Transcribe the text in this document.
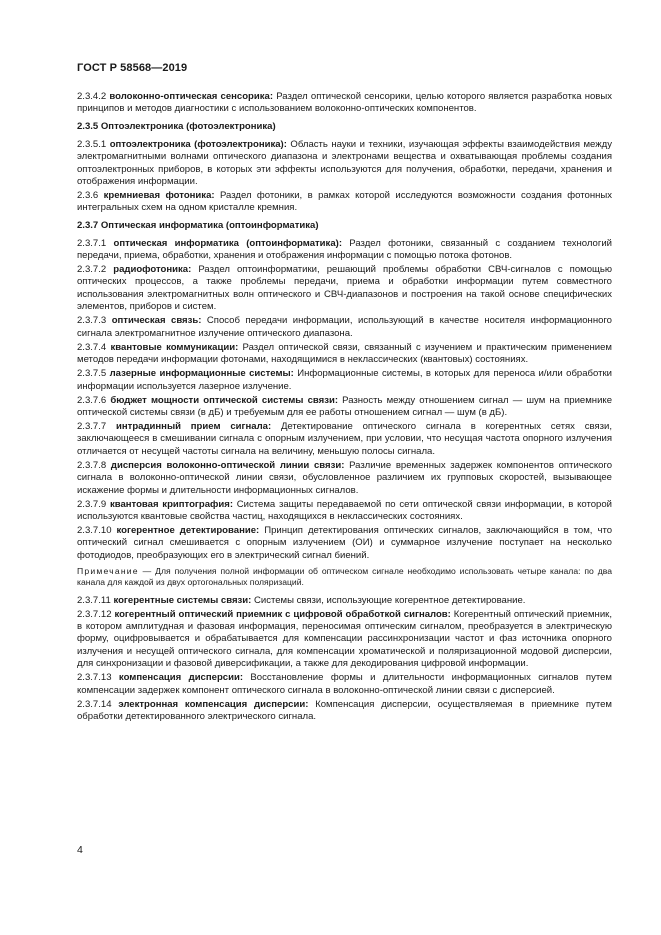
ГОСТ Р 58568—2019
2.3.4.2 волоконно-оптическая сенсорика: Раздел оптической сенсорики, целью которого является разработка новых принципов и методов диагностики с использованием волоконно-оптических компонентов.
2.3.5 Оптоэлектроника (фотоэлектроника)
2.3.5.1 оптоэлектроника (фотоэлектроника): Область науки и техники, изучающая эффекты взаимодействия между электромагнитными волнами оптического диапазона и электронами вещества и охватывающая проблемы создания оптоэлектронных приборов, в которых эти эффекты используются для получения, обработки, передачи, хранения и отображения информации.
2.3.6 кремниевая фотоника: Раздел фотоники, в рамках которой исследуются возможности создания фотонных интегральных схем на одном кристалле кремния.
2.3.7 Оптическая информатика (оптоинформатика)
2.3.7.1 оптическая информатика (оптоинформатика): Раздел фотоники, связанный с созданием технологий передачи, приема, обработки, хранения и отображения информации с помощью потока фотонов.
2.3.7.2 радиофотоника: Раздел оптоинформатики, решающий проблемы обработки СВЧ-сигналов с помощью оптических процессов, а также проблемы передачи, приема и обработки информации путем совместного использования электромагнитных волн оптического и СВЧ-диапазонов и построения на такой основе специфических элементов, приборов и систем.
2.3.7.3 оптическая связь: Способ передачи информации, использующий в качестве носителя информационного сигнала электромагнитное излучение оптического диапазона.
2.3.7.4 квантовые коммуникации: Раздел оптической связи, связанный с изучением и практическим применением методов передачи информации фотонами, находящимися в неклассических (квантовых) состояниях.
2.3.7.5 лазерные информационные системы: Информационные системы, в которых для переноса и/или обработки информации используется лазерное излучение.
2.3.7.6 бюджет мощности оптической системы связи: Разность между отношением сигнал — шум на приемнике оптической системы связи (в дБ) и требуемым для ее работы отношением сигнал — шум (в дБ).
2.3.7.7 интрадинный прием сигнала: Детектирование оптического сигнала в когерентных сетях связи, заключающееся в смешивании сигнала с опорным излучением, при условии, что несущая частота опорного излучения отличается от несущей частоты сигнала на величину, меньшую полосы сигнала.
2.3.7.8 дисперсия волоконно-оптической линии связи: Различие временных задержек компонентов оптического сигнала в волоконно-оптической линии связи, обусловленное различием их групповых скоростей, вызывающее искажение формы и длительности информационных сигналов.
2.3.7.9 квантовая криптография: Система защиты передаваемой по сети оптической связи информации, в которой используются квантовые свойства частиц, находящихся в неклассических состояниях.
2.3.7.10 когерентное детектирование: Принцип детектирования оптических сигналов, заключающийся в том, что оптический сигнал смешивается с опорным излучением (ОИ) и суммарное излучение поступает на несколько фотодиодов, преобразующих его в электрический сигнал биений.
Примечание — Для получения полной информации об оптическом сигнале необходимо использовать четыре канала: по два канала для каждой из двух ортогональных поляризаций.
2.3.7.11 когерентные системы связи: Системы связи, использующие когерентное детектирование.
2.3.7.12 когерентный оптический приемник с цифровой обработкой сигналов: Когерентный оптический приемник, в котором амплитудная и фазовая информация, переносимая оптическим сигналом, преобразуется в электрическую форму, оцифровывается и обрабатывается для компенсации рассинхронизации частот и фаз источника опорного излучения и несущей оптического сигнала, для компенсации хроматической и поляризационной модовой дисперсии, для синхронизации и фазовой диверсификации, а также для декодирования цифровой информации.
2.3.7.13 компенсация дисперсии: Восстановление формы и длительности информационных сигналов путем компенсации задержек компонент оптического сигнала в волоконно-оптической линии связи с дисперсией.
2.3.7.14 электронная компенсация дисперсии: Компенсация дисперсии, осуществляемая в приемнике путем обработки детектированного электрического сигнала.
4
